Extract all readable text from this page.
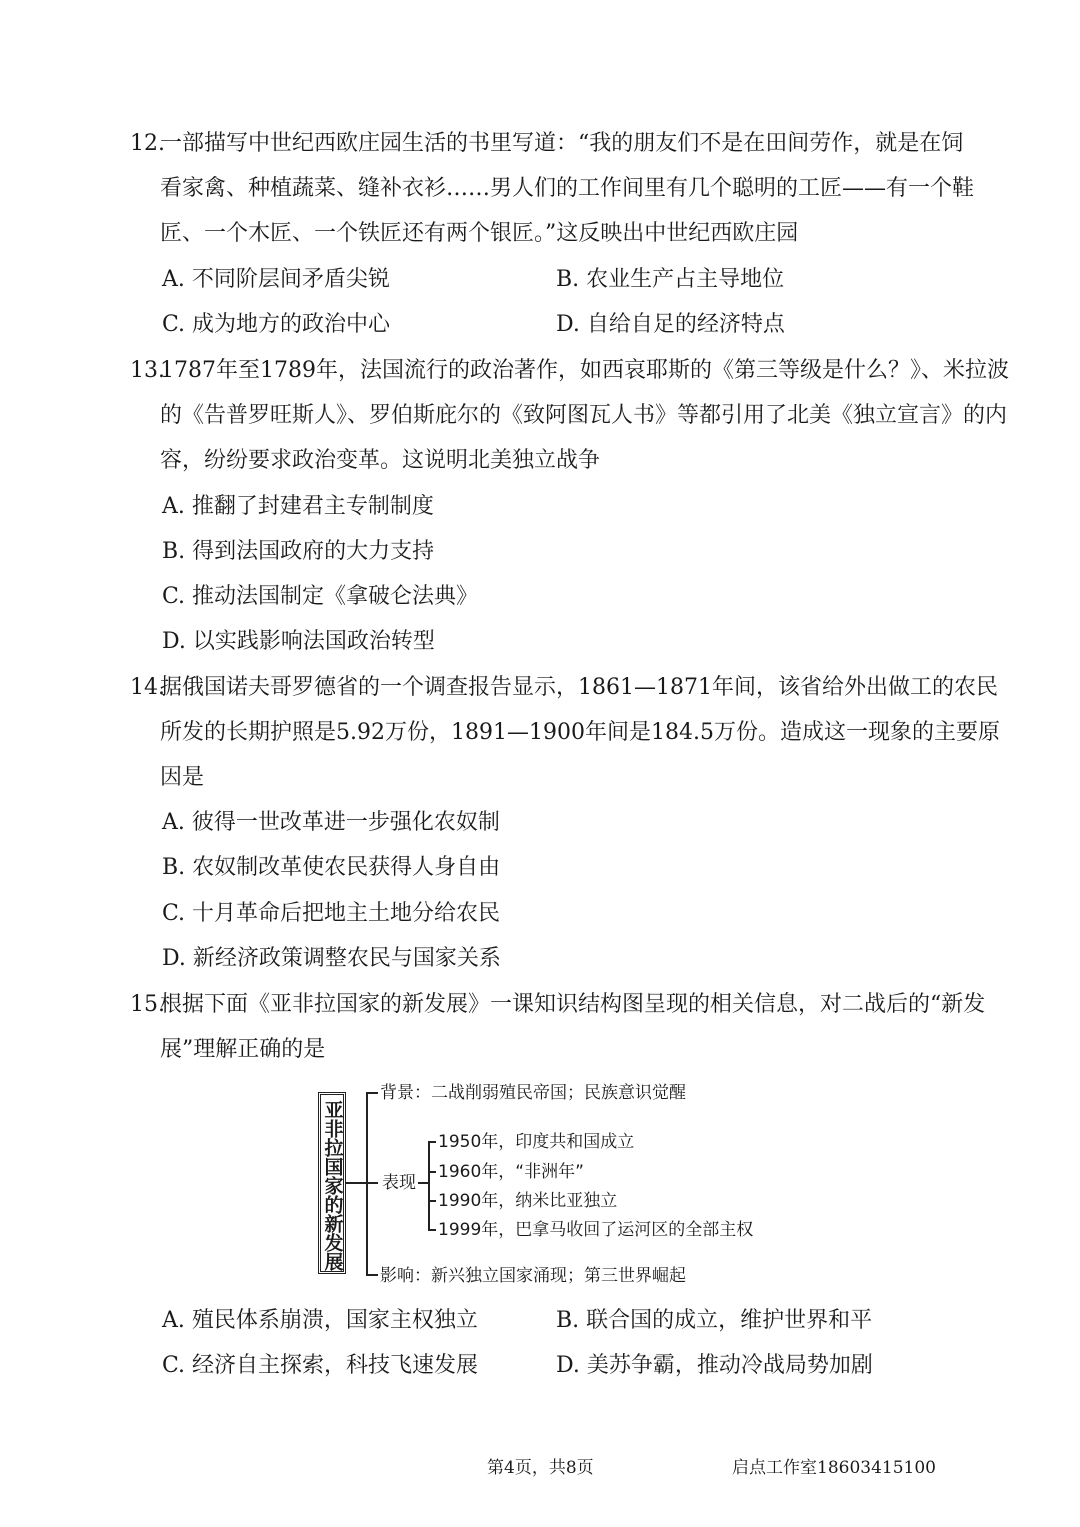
12.
一部描写中世纪西欧庄园生活的书里写道：“我的朋友们不是在田间劳作，就是在饲
看家禽、种植蔬菜、缝补衣衫……男人们的工作间里有几个聪明的工匠——有一个鞋
匠、一个木匠、一个铁匠还有两个银匠。”这反映出中世纪西欧庄园
A. 不同阶层间矛盾尖锐	B. 农业生产占主导地位
C. 成为地方的政治中心	D. 自给自足的经济特点
13.
1787年至1789年，法国流行的政治著作，如西哀耶斯的《第三等级是什么？》、米拉波
的《告普罗旺斯人》、罗伯斯庇尔的《致阿图瓦人书》等都引用了北美《独立宣言》的内
容，纷纷要求政治变革。这说明北美独立战争
A. 推翻了封建君主专制制度
B. 得到法国政府的大力支持
C. 推动法国制定《拿破仑法典》
D. 以实践影响法国政治转型
14.
据俄国诺夫哥罗德省的一个调查报告显示，1861—1871年间，该省给外出做工的农民
所发的长期护照是5.92万份，1891—1900年间是184.5万份。造成这一现象的主要原
因是
A. 彼得一世改革进一步强化农奴制
B. 农奴制改革使农民获得人身自由
C. 十月革命后把地主土地分给农民
D. 新经济政策调整农民与国家关系
15.
根据下面《亚非拉国家的新发展》一课知识结构图呈现的相关信息，对二战后的“新发
展”理解正确的是
亚非拉国家的新发展
背景：二战削弱殖民帝国；民族意识觉醒
表现
影响：新兴独立国家涌现；第三世界崛起
1950年，印度共和国成立
1960年，“非洲年”
1990年，纳米比亚独立
1999年，巴拿马收回了运河区的全部主权
A. 殖民体系崩溃，国家主权独立	B. 联合国的成立，维护世界和平
C. 经济自主探索，科技飞速发展	D. 美苏争霸，推动冷战局势加剧
第4页，共8页	启点工作室18603415100
